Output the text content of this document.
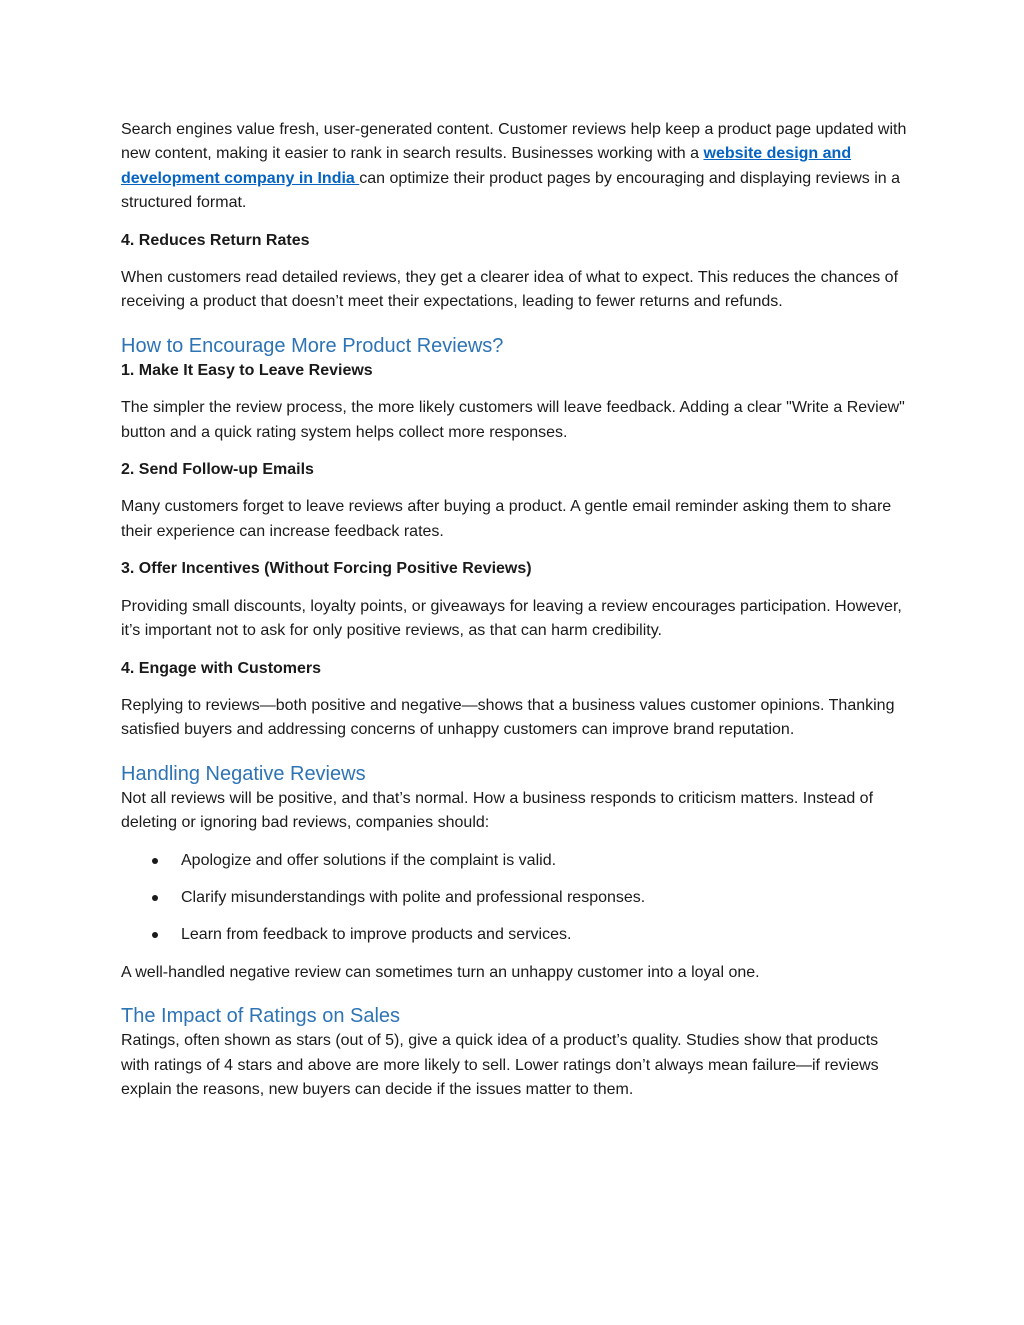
Search engines value fresh, user-generated content. Customer reviews help keep a product page updated with new content, making it easier to rank in search results. Businesses working with a website design and development company in India can optimize their product pages by encouraging and displaying reviews in a structured format.

4. Reduces Return Rates

When customers read detailed reviews, they get a clearer idea of what to expect. This reduces the chances of receiving a product that doesn’t meet their expectations, leading to fewer returns and refunds.

How to Encourage More Product Reviews?

1. Make It Easy to Leave Reviews

The simpler the review process, the more likely customers will leave feedback. Adding a clear "Write a Review" button and a quick rating system helps collect more responses.

2. Send Follow-up Emails

Many customers forget to leave reviews after buying a product. A gentle email reminder asking them to share their experience can increase feedback rates.

3. Offer Incentives (Without Forcing Positive Reviews)

Providing small discounts, loyalty points, or giveaways for leaving a review encourages participation. However, it’s important not to ask for only positive reviews, as that can harm credibility.

4. Engage with Customers

Replying to reviews—both positive and negative—shows that a business values customer opinions. Thanking satisfied buyers and addressing concerns of unhappy customers can improve brand reputation.

Handling Negative Reviews

Not all reviews will be positive, and that’s normal. How a business responds to criticism matters. Instead of deleting or ignoring bad reviews, companies should:

Apologize and offer solutions if the complaint is valid.
Clarify misunderstandings with polite and professional responses.
Learn from feedback to improve products and services.

A well-handled negative review can sometimes turn an unhappy customer into a loyal one.

The Impact of Ratings on Sales

Ratings, often shown as stars (out of 5), give a quick idea of a product’s quality. Studies show that products with ratings of 4 stars and above are more likely to sell. Lower ratings don’t always mean failure—if reviews explain the reasons, new buyers can decide if the issues matter to them.
